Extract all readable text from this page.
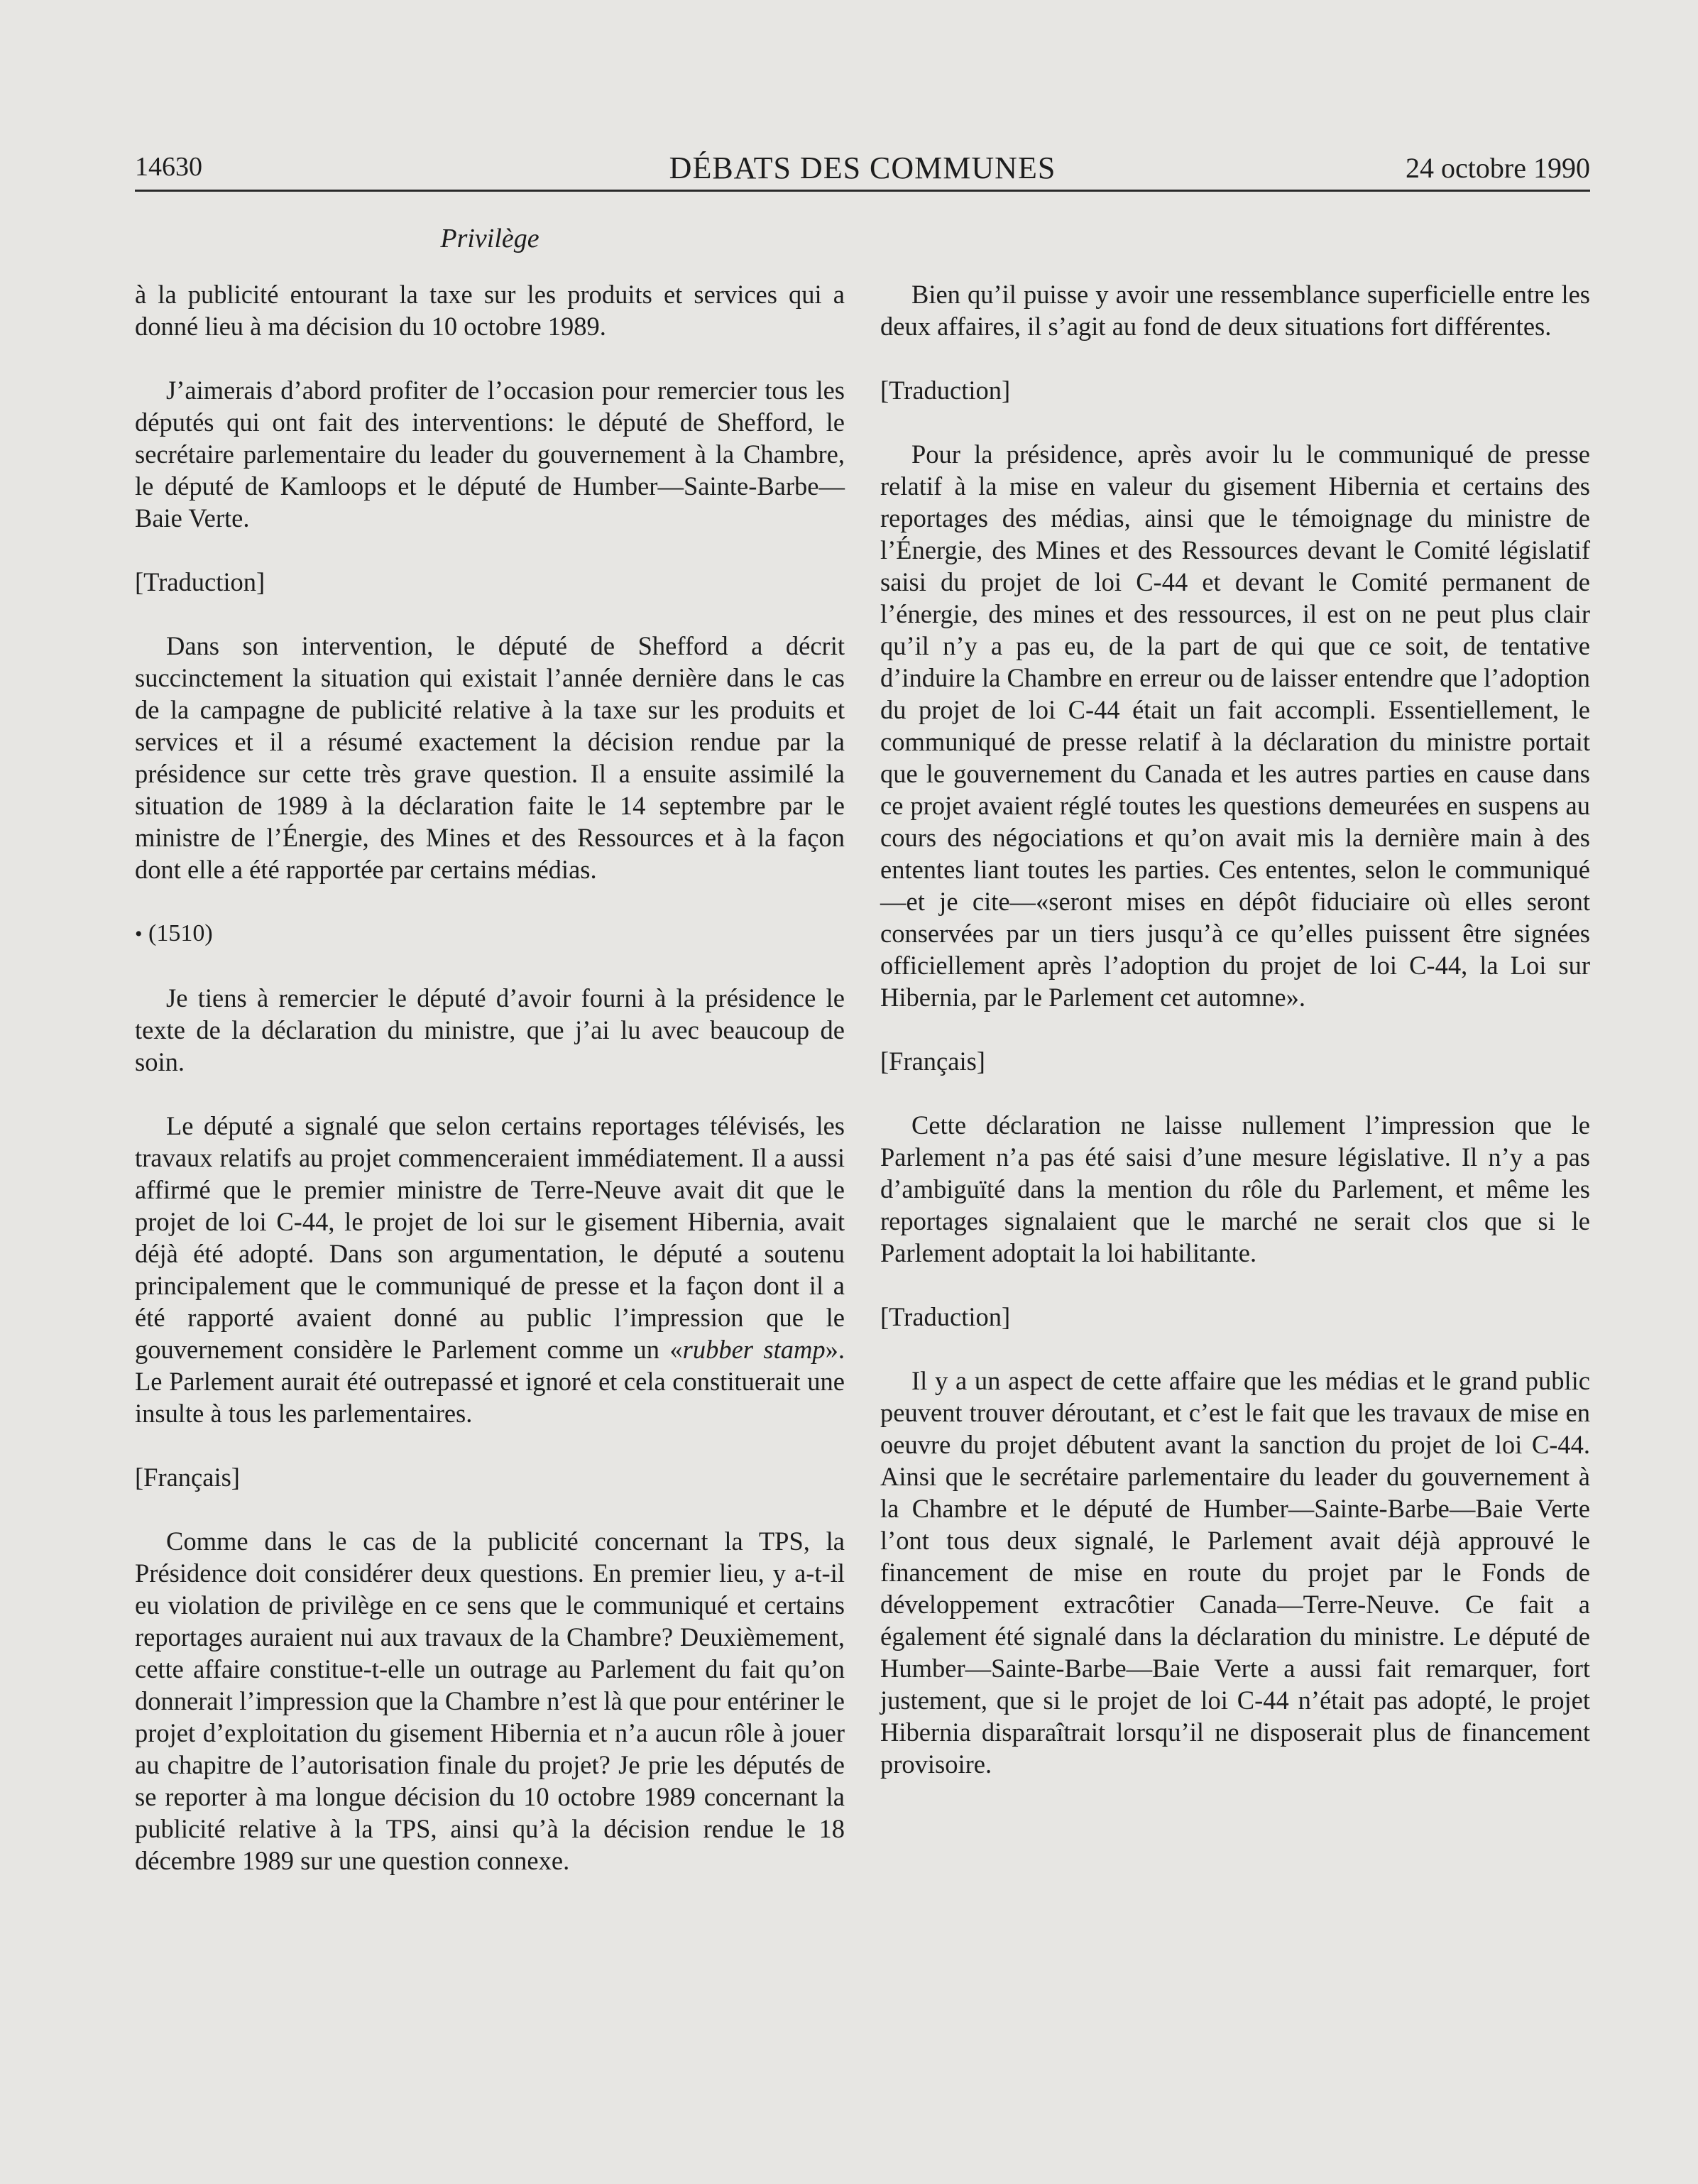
14630	DÉBATS DES COMMUNES	24 octobre 1990
Privilège

à la publicité entourant la taxe sur les produits et services qui a donné lieu à ma décision du 10 octobre 1989.

J’aimerais d’abord profiter de l’occasion pour remercier tous les députés qui ont fait des interventions: le député de Shefford, le secrétaire parlementaire du leader du gouvernement à la Chambre, le député de Kamloops et le député de Humber—Sainte-Barbe—Baie Verte.

[Traduction]

Dans son intervention, le député de Shefford a décrit succinctement la situation qui existait l’année dernière dans le cas de la campagne de publicité relative à la taxe sur les produits et services et il a résumé exactement la décision rendue par la présidence sur cette très grave question. Il a ensuite assimilé la situation de 1989 à la déclaration faite le 14 septembre par le ministre de l’Énergie, des Mines et des Ressources et à la façon dont elle a été rapportée par certains médias.

• (1510)

Je tiens à remercier le député d’avoir fourni à la présidence le texte de la déclaration du ministre, que j’ai lu avec beaucoup de soin.

Le député a signalé que selon certains reportages télévisés, les travaux relatifs au projet commenceraient immédiatement. Il a aussi affirmé que le premier ministre de Terre-Neuve avait dit que le projet de loi C-44, le projet de loi sur le gisement Hibernia, avait déjà été adopté. Dans son argumentation, le député a soutenu principalement que le communiqué de presse et la façon dont il a été rapporté avaient donné au public l’impression que le gouvernement considère le Parlement comme un «rubber stamp». Le Parlement aurait été outrepassé et ignoré et cela constituerait une insulte à tous les parlementaires.

[Français]

Comme dans le cas de la publicité concernant la TPS, la Présidence doit considérer deux questions. En premier lieu, y a-t-il eu violation de privilège en ce sens que le communiqué et certains reportages auraient nui aux travaux de la Chambre? Deuxièmement, cette affaire constitue-t-elle un outrage au Parlement du fait qu’on donnerait l’impression que la Chambre n’est là que pour entériner le projet d’exploitation du gisement Hibernia et n’a aucun rôle à jouer au chapitre de l’autorisation finale du projet? Je prie les députés de se reporter à ma longue décision du 10 octobre 1989 concernant la publicité relative à la TPS, ainsi qu’à la décision rendue le 18 décembre 1989 sur une question connexe.

Bien qu’il puisse y avoir une ressemblance superficielle entre les deux affaires, il s’agit au fond de deux situations fort différentes.

[Traduction]

Pour la présidence, après avoir lu le communiqué de presse relatif à la mise en valeur du gisement Hibernia et certains des reportages des médias, ainsi que le témoignage du ministre de l’Énergie, des Mines et des Ressources devant le Comité législatif saisi du projet de loi C-44 et devant le Comité permanent de l’énergie, des mines et des ressources, il est on ne peut plus clair qu’il n’y a pas eu, de la part de qui que ce soit, de tentative d’induire la Chambre en erreur ou de laisser entendre que l’adoption du projet de loi C-44 était un fait accompli. Essentiellement, le communiqué de presse relatif à la déclaration du ministre portait que le gouvernement du Canada et les autres parties en cause dans ce projet avaient réglé toutes les questions demeurées en suspens au cours des négociations et qu’on avait mis la dernière main à des ententes liant toutes les parties. Ces ententes, selon le communiqué—et je cite—«seront mises en dépôt fiduciaire où elles seront conservées par un tiers jusqu’à ce qu’elles puissent être signées officiellement après l’adoption du projet de loi C-44, la Loi sur Hibernia, par le Parlement cet automne».

[Français]

Cette déclaration ne laisse nullement l’impression que le Parlement n’a pas été saisi d’une mesure législative. Il n’y a pas d’ambiguïté dans la mention du rôle du Parlement, et même les reportages signalaient que le marché ne serait clos que si le Parlement adoptait la loi habilitante.

[Traduction]

Il y a un aspect de cette affaire que les médias et le grand public peuvent trouver déroutant, et c’est le fait que les travaux de mise en oeuvre du projet débutent avant la sanction du projet de loi C-44. Ainsi que le secrétaire parlementaire du leader du gouvernement à la Chambre et le député de Humber—Sainte-Barbe—Baie Verte l’ont tous deux signalé, le Parlement avait déjà approuvé le financement de mise en route du projet par le Fonds de développement extracôtier Canada—Terre-Neuve. Ce fait a également été signalé dans la déclaration du ministre. Le député de Humber—Sainte-Barbe—Baie Verte a aussi fait remarquer, fort justement, que si le projet de loi C-44 n’était pas adopté, le projet Hibernia disparaîtrait lorsqu’il ne disposerait plus de financement provisoire.
